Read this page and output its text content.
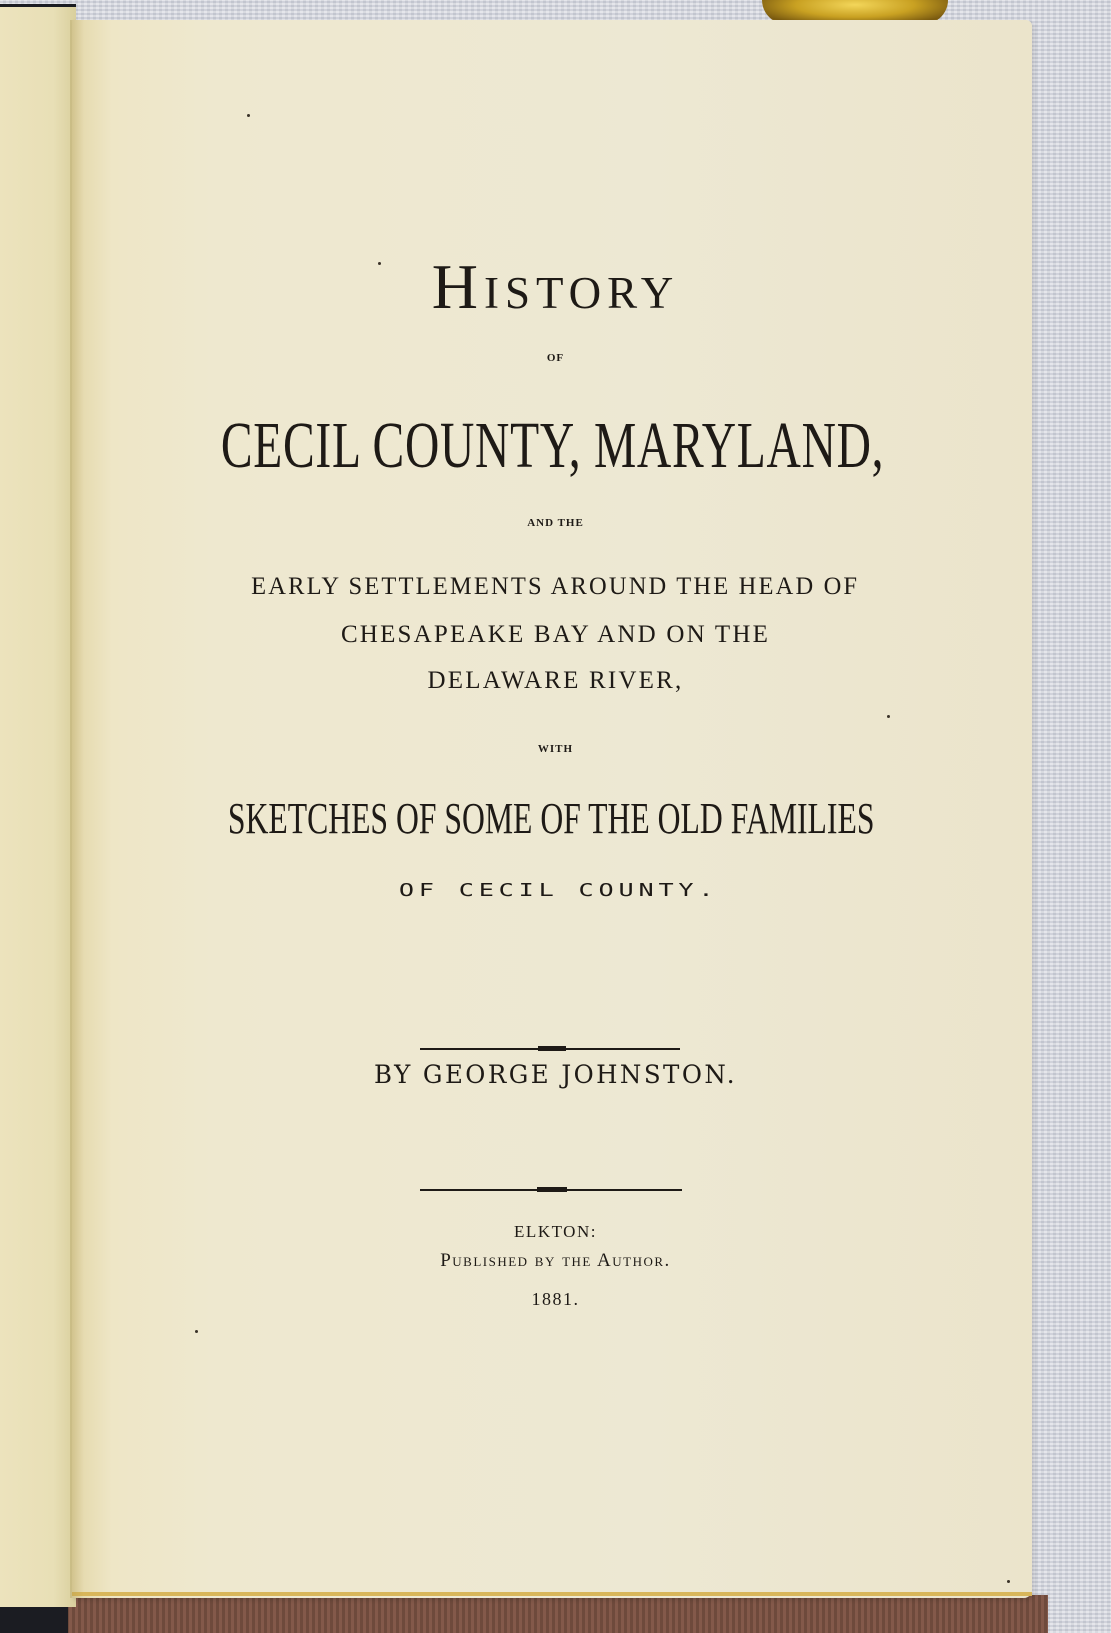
History
OF
CECIL COUNTY, MARYLAND,
AND THE
EARLY SETTLEMENTS AROUND THE HEAD OF
CHESAPEAKE BAY AND ON THE
DELAWARE RIVER,
WITH
SKETCHES OF SOME OF THE OLD FAMILIES
OF CECIL COUNTY.
BY GEORGE JOHNSTON.
ELKTON:
Published by the Author.
1881.
